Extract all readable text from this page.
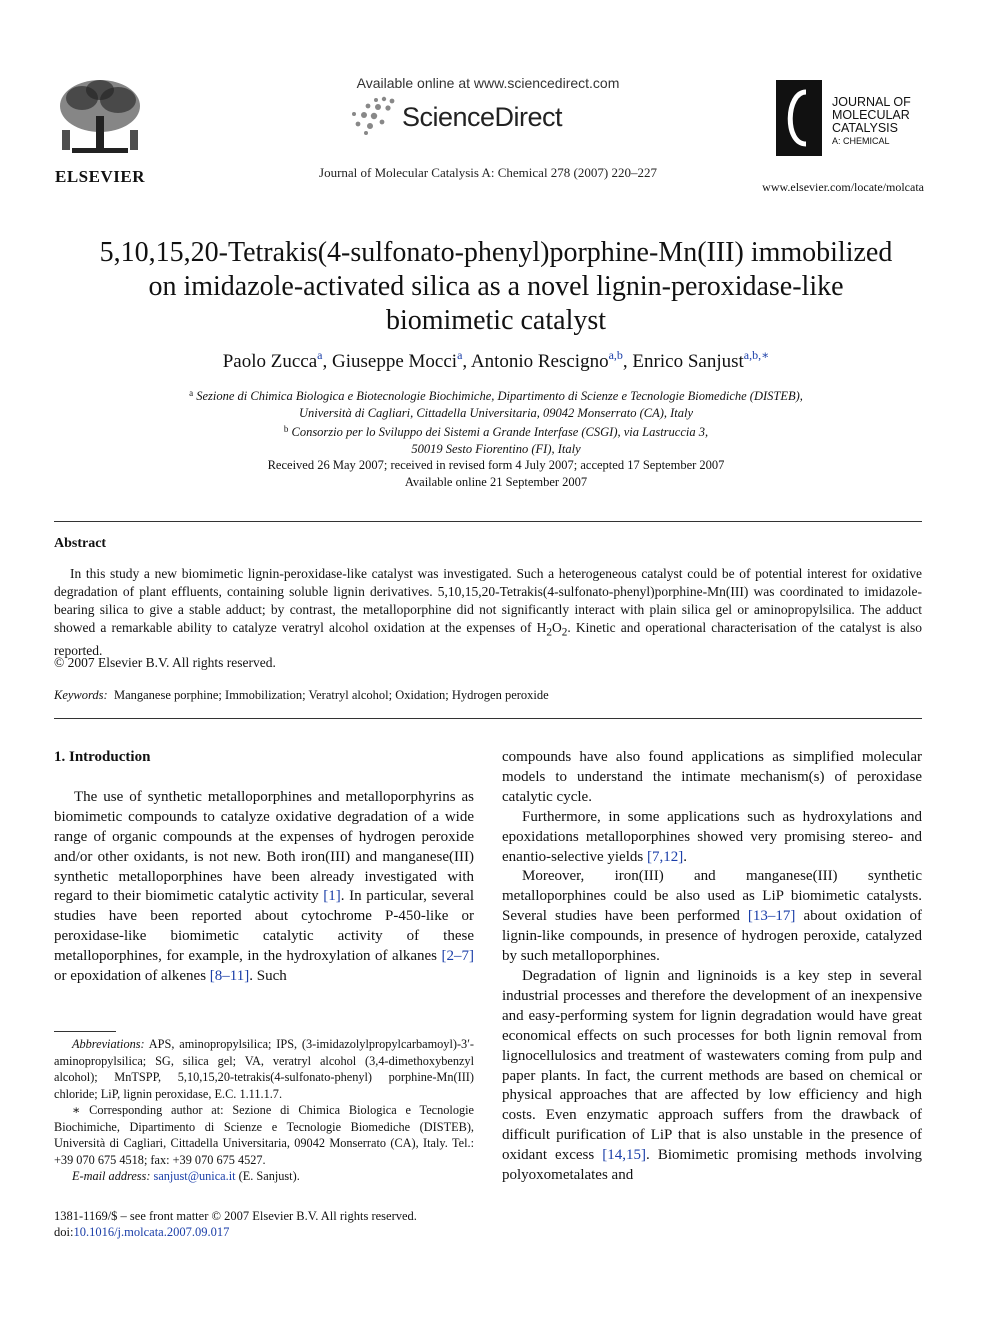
ELSEVIER
Available online at www.sciencedirect.com
ScienceDirect
Journal of Molecular Catalysis A: Chemical 278 (2007) 220–227
JOURNAL OF
MOLECULAR
CATALYSIS
A: CHEMICAL
www.elsevier.com/locate/molcata
5,10,15,20-Tetrakis(4-sulfonato-phenyl)porphine-Mn(III) immobilized
on imidazole-activated silica as a novel lignin-peroxidase-like
biomimetic catalyst
Paolo Zucca$^a$, Giuseppe Mocci$^a$, Antonio Rescigno$^{a,b}$, Enrico Sanjust$^{a,b,∗}$
$^a$ Sezione di Chimica Biologica e Biotecnologie Biochimiche, Dipartimento di Scienze e Tecnologie Biomediche (DISTEB),
Università di Cagliari, Cittadella Universitaria, 09042 Monserrato (CA), Italy
$^b$ Consorzio per lo Sviluppo dei Sistemi a Grande Interfase (CSGI), via Lastruccia 3,
50019 Sesto Fiorentino (FI), Italy
Received 26 May 2007; received in revised form 4 July 2007; accepted 17 September 2007
Available online 21 September 2007
Abstract
In this study a new biomimetic lignin-peroxidase-like catalyst was investigated. Such a heterogeneous catalyst could be of potential interest for oxidative degradation of plant effluents, containing soluble lignin derivatives. 5,10,15,20-Tetrakis(4-sulfonato-phenyl)porphine-Mn(III) was coordinated to imidazole-bearing silica to give a stable adduct; by contrast, the metalloporphine did not significantly interact with plain silica gel or aminopropylsilica. The adduct showed a remarkable ability to catalyze veratryl alcohol oxidation at the expenses of $H_2O_2$. Kinetic and operational characterisation of the catalyst is also reported.
© 2007 Elsevier B.V. All rights reserved.
Keywords: Manganese porphine; Immobilization; Veratryl alcohol; Oxidation; Hydrogen peroxide
1. Introduction
The use of synthetic metalloporphines and metalloporphyrins as biomimetic compounds to catalyze oxidative degradation of a wide range of organic compounds at the expenses of hydrogen peroxide and/or other oxidants, is not new. Both iron(III) and manganese(III) synthetic metalloporphines have been already investigated with regard to their biomimetic catalytic activity [1]. In particular, several studies have been reported about cytochrome P-450-like or peroxidase-like biomimetic catalytic activity of these metalloporphines, for example, in the hydroxylation of alkanes [2–7] or epoxidation of alkenes [8–11]. Such
Abbreviations: APS, aminopropylsilica; IPS, (3-imidazolylpropylcarbamoyl)-3′-aminopropylsilica; SG, silica gel; VA, veratryl alcohol (3,4-dimethoxybenzyl alcohol); MnTSPP, 5,10,15,20-tetrakis(4-sulfonato-phenyl) porphine-Mn(III) chloride; LiP, lignin peroxidase, E.C. 1.11.1.7.
∗ Corresponding author at: Sezione di Chimica Biologica e Tecnologie Biochimiche, Dipartimento di Scienze e Tecnologie Biomediche (DISTEB), Università di Cagliari, Cittadella Universitaria, 09042 Monserrato (CA), Italy. Tel.: +39 070 675 4518; fax: +39 070 675 4527.
E-mail address: sanjust@unica.it (E. Sanjust).
1381-1169/$ – see front matter © 2007 Elsevier B.V. All rights reserved.
doi:10.1016/j.molcata.2007.09.017
compounds have also found applications as simplified molecular models to understand the intimate mechanism(s) of peroxidase catalytic cycle.
Furthermore, in some applications such as hydroxylations and epoxidations metalloporphines showed very promising stereo- and enantio-selective yields [7,12].
Moreover, iron(III) and manganese(III) synthetic metalloporphines could be also used as LiP biomimetic catalysts. Several studies have been performed [13–17] about oxidation of lignin-like compounds, in presence of hydrogen peroxide, catalyzed by such metalloporphines.
Degradation of lignin and ligninoids is a key step in several industrial processes and therefore the development of an inexpensive and easy-performing system for lignin degradation would have great economical effects on such processes for both lignin removal from lignocellulosics and treatment of wastewaters coming from pulp and paper plants. In fact, the current methods are based on chemical or physical approaches that are affected by low efficiency and high costs. Even enzymatic approach suffers from the drawback of difficult purification of LiP that is also unstable in the presence of oxidant excess [14,15]. Biomimetic promising methods involving polyoxometalates and
